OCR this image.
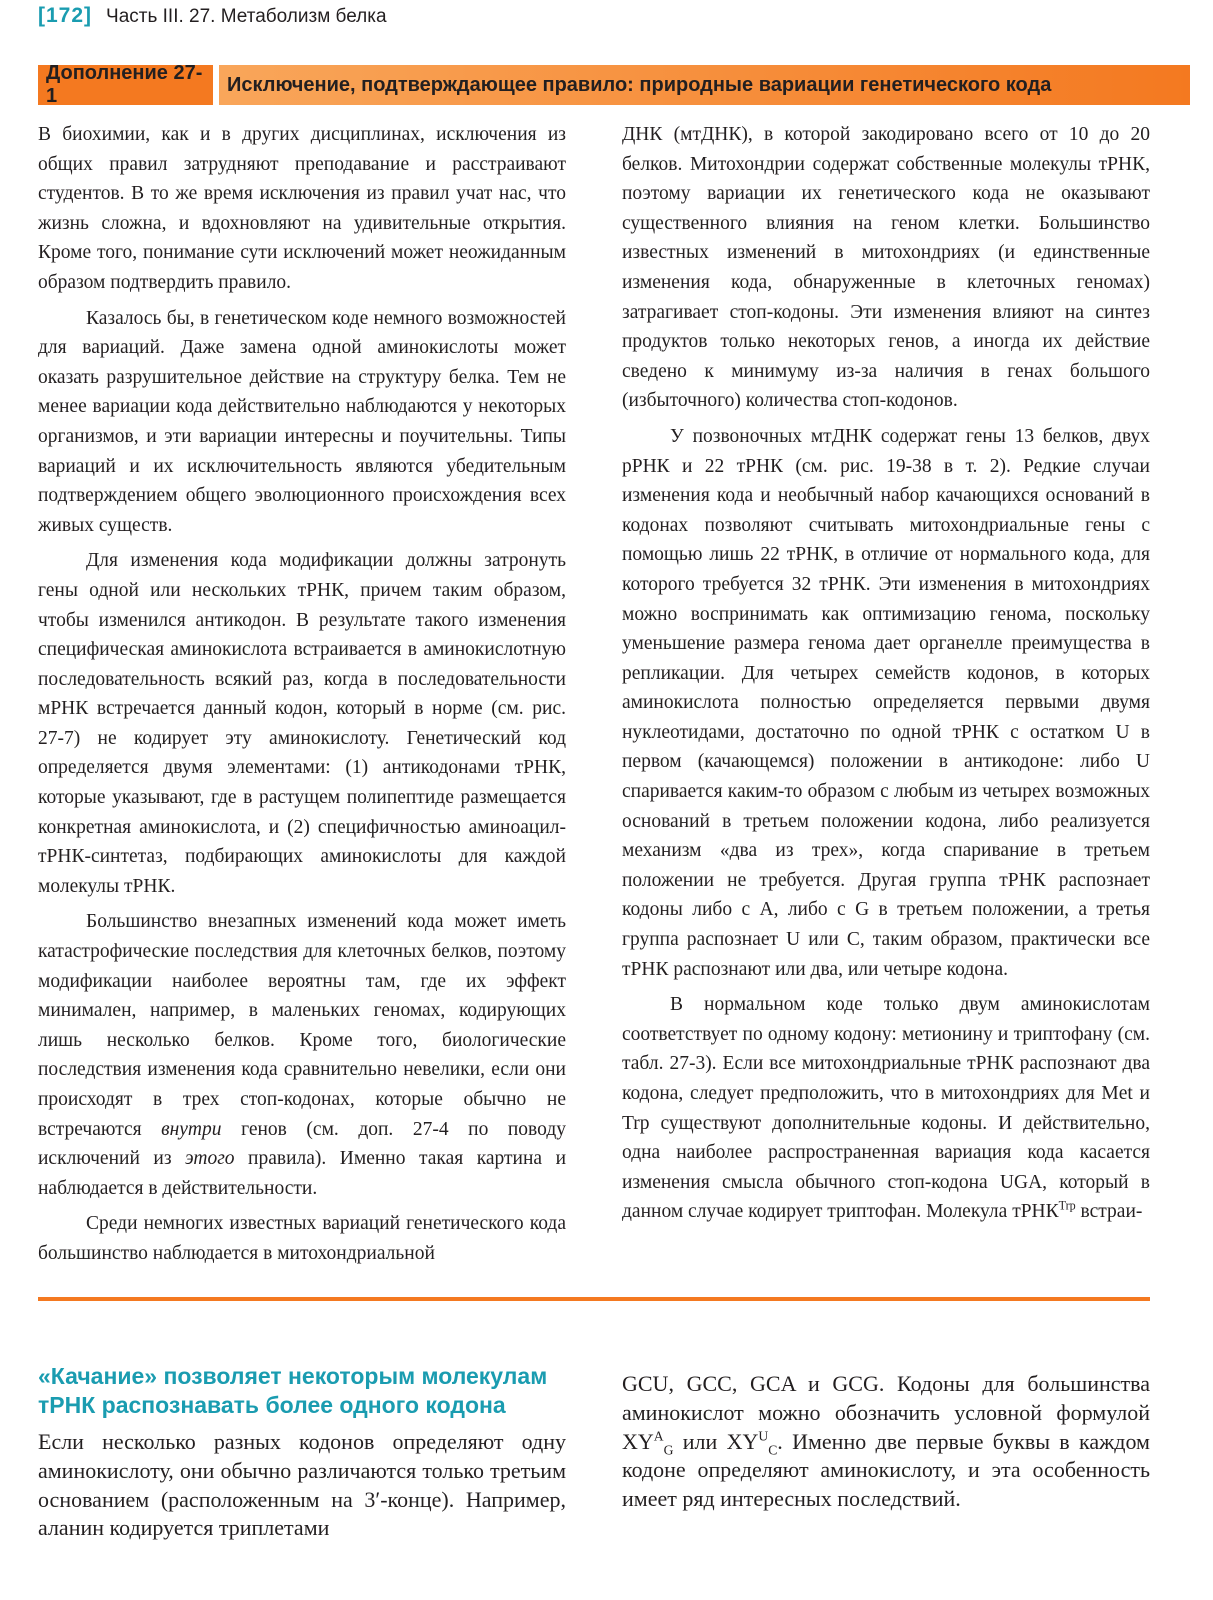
[172] Часть III. 27. Метаболизм белка
Дополнение 27-1
Исключение, подтверждающее правило: природные вариации генетического кода

В биохимии, как и в других дисциплинах, исключения из общих правил затрудняют преподавание и расстраивают студентов. В то же время исключения из правил учат нас, что жизнь сложна, и вдохновляют на удивительные открытия. Кроме того, понимание сути исключений может неожиданным образом подтвердить правило.

Казалось бы, в генетическом коде немного возможностей для вариаций. Даже замена одной аминокислоты может оказать разрушительное действие на структуру белка. Тем не менее вариации кода действительно наблюдаются у некоторых организмов, и эти вариации интересны и поучительны. Типы вариаций и их исключительность являются убедительным подтверждением общего эволюционного происхождения всех живых существ.

Для изменения кода модификации должны затронуть гены одной или нескольких тРНК, причем таким образом, чтобы изменился антикодон. В результате такого изменения специфическая аминокислота встраивается в аминокислотную последовательность всякий раз, когда в последовательности мРНК встречается данный кодон, который в норме (см. рис. 27-7) не кодирует эту аминокислоту. Генетический код определяется двумя элементами: (1) антикодонами тРНК, которые указывают, где в растущем полипептиде размещается конкретная аминокислота, и (2) специфичностью аминоацил-тРНК-синтетаз, подбирающих аминокислоты для каждой молекулы тРНК.

Большинство внезапных изменений кода может иметь катастрофические последствия для клеточных белков, поэтому модификации наиболее вероятны там, где их эффект минимален, например, в маленьких геномах, кодирующих лишь несколько белков. Кроме того, биологические последствия изменения кода сравнительно невелики, если они происходят в трех стоп-кодонах, которые обычно не встречаются внутри генов (см. доп. 27-4 по поводу исключений из этого правила). Именно такая картина и наблюдается в действительности.

Среди немногих известных вариаций генетического кода большинство наблюдается в митохондриальной

ДНК (мтДНК), в которой закодировано всего от 10 до 20 белков. Митохондрии содержат собственные молекулы тРНК, поэтому вариации их генетического кода не оказывают существенного влияния на геном клетки. Большинство известных изменений в митохондриях (и единственные изменения кода, обнаруженные в клеточных геномах) затрагивает стоп-кодоны. Эти изменения влияют на синтез продуктов только некоторых генов, а иногда их действие сведено к минимуму из-за наличия в генах большого (избыточного) количества стоп-кодонов.

У позвоночных мтДНК содержат гены 13 белков, двух рРНК и 22 тРНК (см. рис. 19-38 в т. 2). Редкие случаи изменения кода и необычный набор качающихся оснований в кодонах позволяют считывать митохондриальные гены с помощью лишь 22 тРНК, в отличие от нормального кода, для которого требуется 32 тРНК. Эти изменения в митохондриях можно воспринимать как оптимизацию генома, поскольку уменьшение размера генома дает органелле преимущества в репликации. Для четырех семейств кодонов, в которых аминокислота полностью определяется первыми двумя нуклеотидами, достаточно по одной тРНК с остатком U в первом (качающемся) положении в антикодоне: либо U спаривается каким-то образом с любым из четырех возможных оснований в третьем положении кодона, либо реализуется механизм «два из трех», когда спаривание в третьем положении не требуется. Другая группа тРНК распознает кодоны либо с A, либо с G в третьем положении, а третья группа распознает U или C, таким образом, практически все тРНК распознают или два, или четыре кодона.

В нормальном коде только двум аминокислотам соответствует по одному кодону: метионину и триптофану (см. табл. 27-3). Если все митохондриальные тРНК распознают два кодона, следует предположить, что в митохондриях для Met и Trp существуют дополнительные кодоны. И действительно, одна наиболее распространенная вариация кода касается изменения смысла обычного стоп-кодона UGA, который в данном случае кодирует триптофан. Молекула тРНК$^{Trp}$ встраи-

«Качание» позволяет некоторым молекулам тРНК распознавать более одного кодона
Если несколько разных кодонов определяют одну аминокислоту, они обычно различаются только третьим основанием (расположенным на 3′-конце). Например, аланин кодируется триплетами
GCU, GCC, GCA и GCG. Кодоны для большинства аминокислот можно обозначить условной формулой $XY^A_G$ или $XY^U_C$. Именно две первые буквы в каждом кодоне определяют аминокислоту, и эта особенность имеет ряд интересных последствий.
